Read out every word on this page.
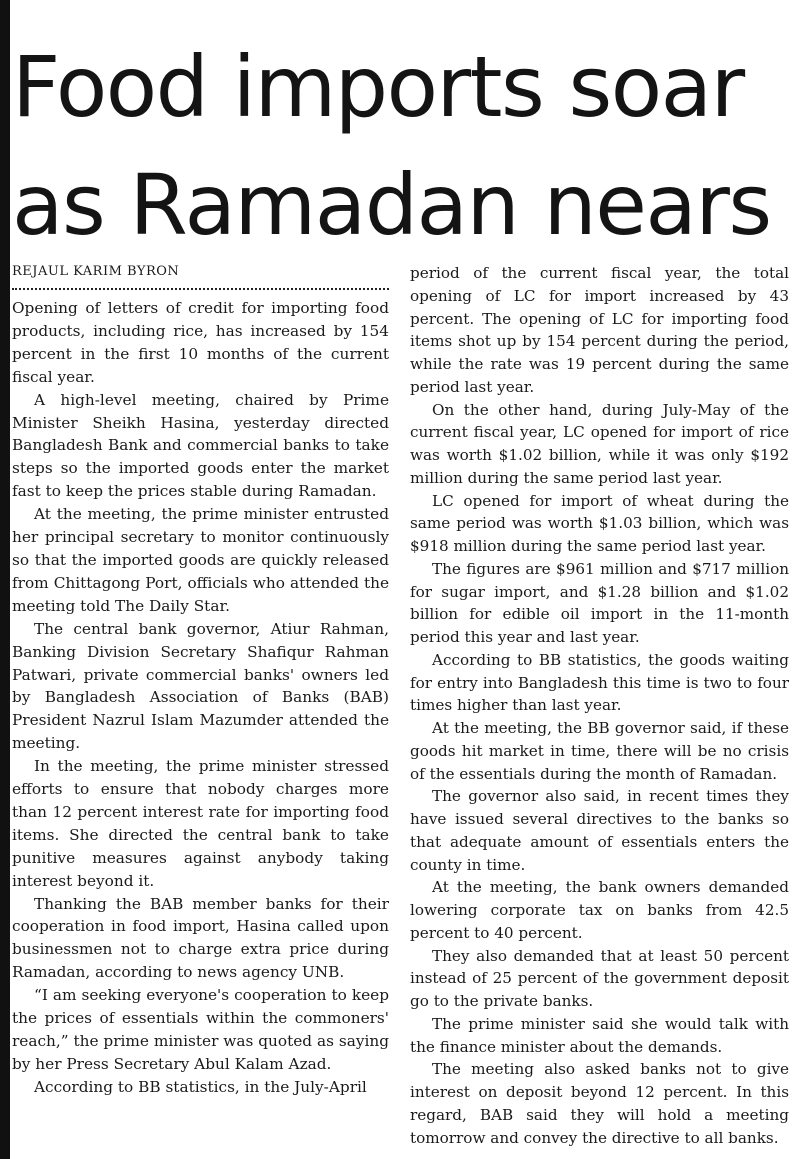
Food imports soar
as Ramadan nears
REJAUL KARIM BYRON

Opening of letters of credit for importing food products, including rice, has increased by 154 percent in the first 10 months of the current fiscal year.

A high-level meeting, chaired by Prime Minister Sheikh Hasina, yesterday directed Bangladesh Bank and commercial banks to take steps so the imported goods enter the market fast to keep the prices stable during Ramadan.

At the meeting, the prime minister entrusted her principal secretary to monitor continuously so that the imported goods are quickly released from Chittagong Port, officials who attended the meeting told The Daily Star.

The central bank governor, Atiur Rahman, Banking Division Secretary Shafiqur Rahman Patwari, private commercial banks' owners led by Bangladesh Association of Banks (BAB) President Nazrul Islam Mazumder attended the meeting.

In the meeting, the prime minister stressed efforts to ensure that nobody charges more than 12 percent interest rate for importing food items. She directed the central bank to take punitive measures against anybody taking interest beyond it.

Thanking the BAB member banks for their cooperation in food import, Hasina called upon businessmen not to charge extra price during Ramadan, according to news agency UNB.

“I am seeking everyone's cooperation to keep the prices of essentials within the commoners' reach,” the prime minister was quoted as saying by her Press Secretary Abul Kalam Azad.

According to BB statistics, in the July-April

period of the current fiscal year, the total opening of LC for import increased by 43 percent. The opening of LC for importing food items shot up by 154 percent during the period, while the rate was 19 percent during the same period last year.

On the other hand, during July-May of the current fiscal year, LC opened for import of rice was worth $1.02 billion, while it was only $192 million during the same period last year.

LC opened for import of wheat during the same period was worth $1.03 billion, which was $918 million during the same period last year.

The figures are $961 million and $717 million for sugar import, and $1.28 billion and $1.02 billion for edible oil import in the 11-month period this year and last year.

According to BB statistics, the goods waiting for entry into Bangladesh this time is two to four times higher than last year.

At the meeting, the BB governor said, if these goods hit market in time, there will be no crisis of the essentials during the month of Ramadan.

The governor also said, in recent times they have issued several directives to the banks so that adequate amount of essentials enters the county in time.

At the meeting, the bank owners demanded lowering corporate tax on banks from 42.5 percent to 40 percent.

They also demanded that at least 50 percent instead of 25 percent of the government deposit go to the private banks.

The prime minister said she would talk with the finance minister about the demands.

The meeting also asked banks not to give interest on deposit beyond 12 percent. In this regard, BAB said they will hold a meeting tomorrow and convey the directive to all banks.
